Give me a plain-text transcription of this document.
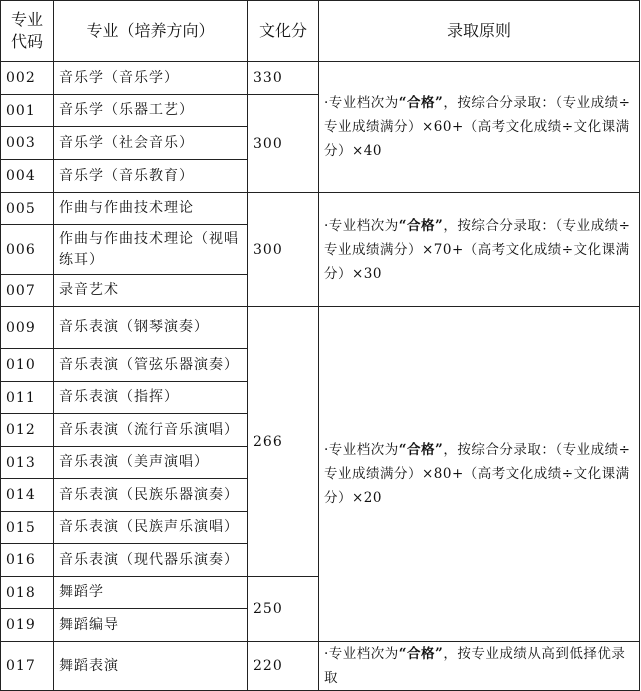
专业代码	专业（培养方向）	文化分	录取原则
002	音乐学（音乐学）	330	·专业档次为“合格”，按综合分录取：（专业成绩÷专业成绩满分）×60+（高考文化成绩÷文化课满分）×40

001	音乐学（乐器工艺）	300	
003	音乐学（社会音乐）		
004	音乐学（音乐教育）		
005	作曲与作曲技术理论	300	·专业档次为“合格”，按综合分录取：（专业成绩÷专业成绩满分）×70+（高考文化成绩÷文化课满分）×30

006	作曲与作曲技术理论（视唱练耳）		
007	录音艺术		
009	音乐表演（钢琴演奏）	266	·专业档次为“合格”，按综合分录取：（专业成绩÷专业成绩满分）×80+（高考文化成绩÷文化课满分）×20

010	音乐表演（管弦乐器演奏）		
011	音乐表演（指挥）		
012	音乐表演（流行音乐演唱）		
013	音乐表演（美声演唱）		
014	音乐表演（民族乐器演奏）		
015	音乐表演（民族声乐演唱）		
016	音乐表演（现代器乐演奏）		
018	舞蹈学	250	
019	舞蹈编导		
017	舞蹈表演	220	·专业档次为“合格”，按专业成绩从高到低择优录取
